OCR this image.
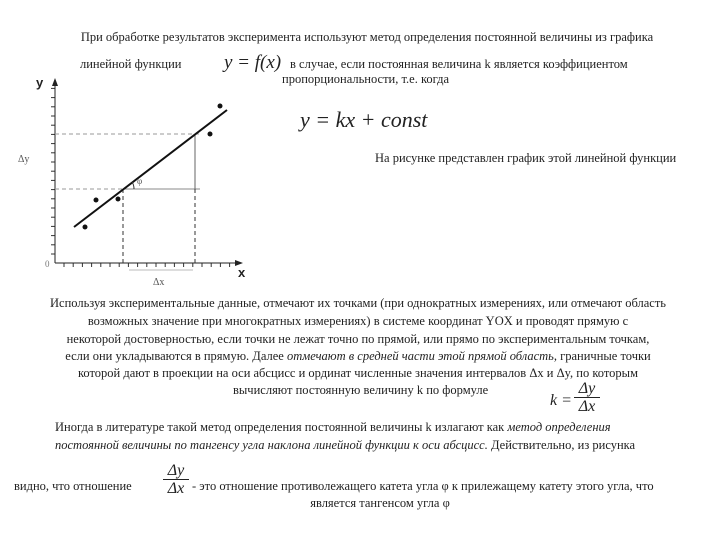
При обработке результатов эксперимента используют метод определения постоянной величины из графика
линейной функции y = f(x) в случае, если постоянная величина k является коэффициентом
пропорциональности, т.е. когда
y = kx + const
На рисунке представлен график этой линейной функции
y
x
0
Δy
Δx
φ
Используя экспериментальные данные, отмечают их точками (при однократных измерениях, или отмечают область
возможных значение при многократных измерениях) в системе координат YOX и проводят прямую с
некоторой достоверностью, если точки не лежат точно по прямой, или прямо по экспериментальным точкам,
если они укладываются в прямую. Далее отмечают в средней части этой прямой область, граничные точки
которой дают в проекции на оси абсцисс и ординат численные значения интервалов Δx и Δy, по которым
вычисляют постоянную величину k по формуле
k =
Δy
Δx
Иногда в литературе такой метод определения постоянной величины k излагают как метод определения
постоянной величины по тангенсу угла наклона линейной функции к оси абсцисс. Действительно, из рисунка
видно, что отношение
Δy
Δx - это отношение противолежащего катета угла φ к прилежащему катету этого угла, что
является тангенсом угла φ
